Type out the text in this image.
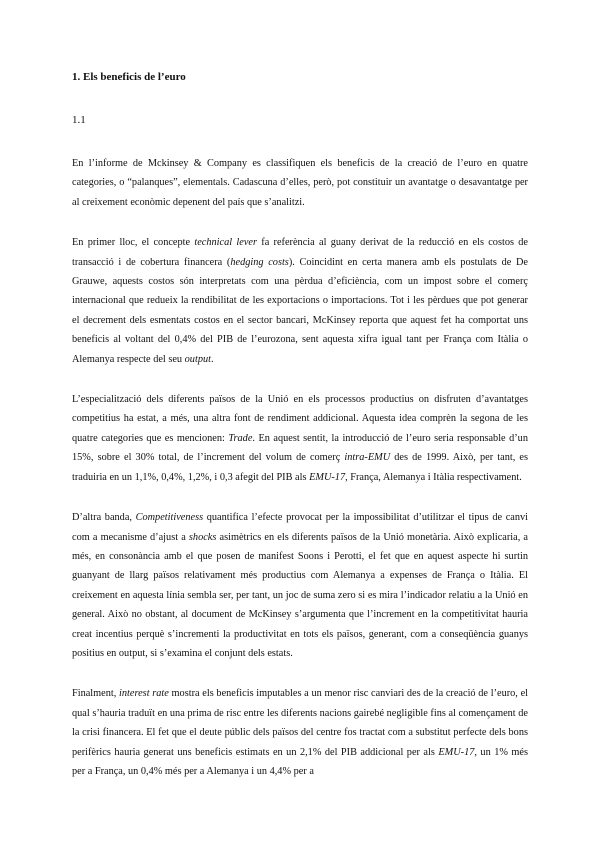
1. Els beneficis de l’euro
1.1

En l’informe de Mckinsey & Company es classifiquen els beneficis de la creació de l’euro en quatre categories, o “palanques”, elementals. Cadascuna d’elles, però, pot constituir un avantatge o desavantatge per al creixement econòmic depenent del país que s’analitzi.

En primer lloc, el concepte technical lever fa referència al guany derivat de la reducció en els costos de transacció i de cobertura financera (hedging costs). Coincidint en certa manera amb els postulats de De Grauwe, aquests costos són interpretats com una pèrdua d’eficiència, com un impost sobre el comerç internacional que redueix la rendibilitat de les exportacions o importacions. Tot i les pèrdues que pot generar el decrement dels esmentats costos en el sector bancari, McKinsey reporta que aquest fet ha comportat uns beneficis al voltant del 0,4% del PIB de l’eurozona, sent aquesta xifra igual tant per França com Itàlia o Alemanya respecte del seu output.

L’especialització dels diferents països de la Unió en els processos productius on disfruten d’avantatges competitius ha estat, a més, una altra font de rendiment addicional. Aquesta idea comprèn la segona de les quatre categories que es mencionen: Trade. En aquest sentit, la introducció de l’euro seria responsable d’un 15%, sobre el 30% total, de l’increment del volum de comerç intra-EMU des de 1999. Això, per tant, es traduiria en un 1,1%, 0,4%, 1,2%, i 0,3 afegit del PIB als EMU-17, França, Alemanya i Itàlia respectivament.

D’altra banda, Competitiveness quantifica l’efecte provocat per la impossibilitat d’utilitzar el tipus de canvi com a mecanisme d’ajust a shocks asimètrics en els diferents països de la Unió monetària. Això explicaria, a més, en consonància amb el que posen de manifest Soons i Perotti, el fet que en aquest aspecte hi surtin guanyant de llarg països relativament més productius com Alemanya a expenses de França o Itàlia. El creixement en aquesta línia sembla ser, per tant, un joc de suma zero si es mira l’indicador relatiu a la Unió en general. Això no obstant, al document de McKinsey s’argumenta que l’increment en la competitivitat hauria creat incentius perquè s’incrementi la productivitat en tots els països, generant, com a conseqüència guanys positius en output, si s’examina el conjunt dels estats.

Finalment, interest rate mostra els beneficis imputables a un menor risc canviari des de la creació de l’euro, el qual s’hauria traduït en una prima de risc entre les diferents nacions gairebé negligible fins al començament de la crisi financera. El fet que el deute públic dels països del centre fos tractat com a substitut perfecte dels bons perifèrics hauria generat uns beneficis estimats en un 2,1% del PIB addicional per als EMU-17, un 1% més per a França, un 0,4% més per a Alemanya i un 4,4% per a
